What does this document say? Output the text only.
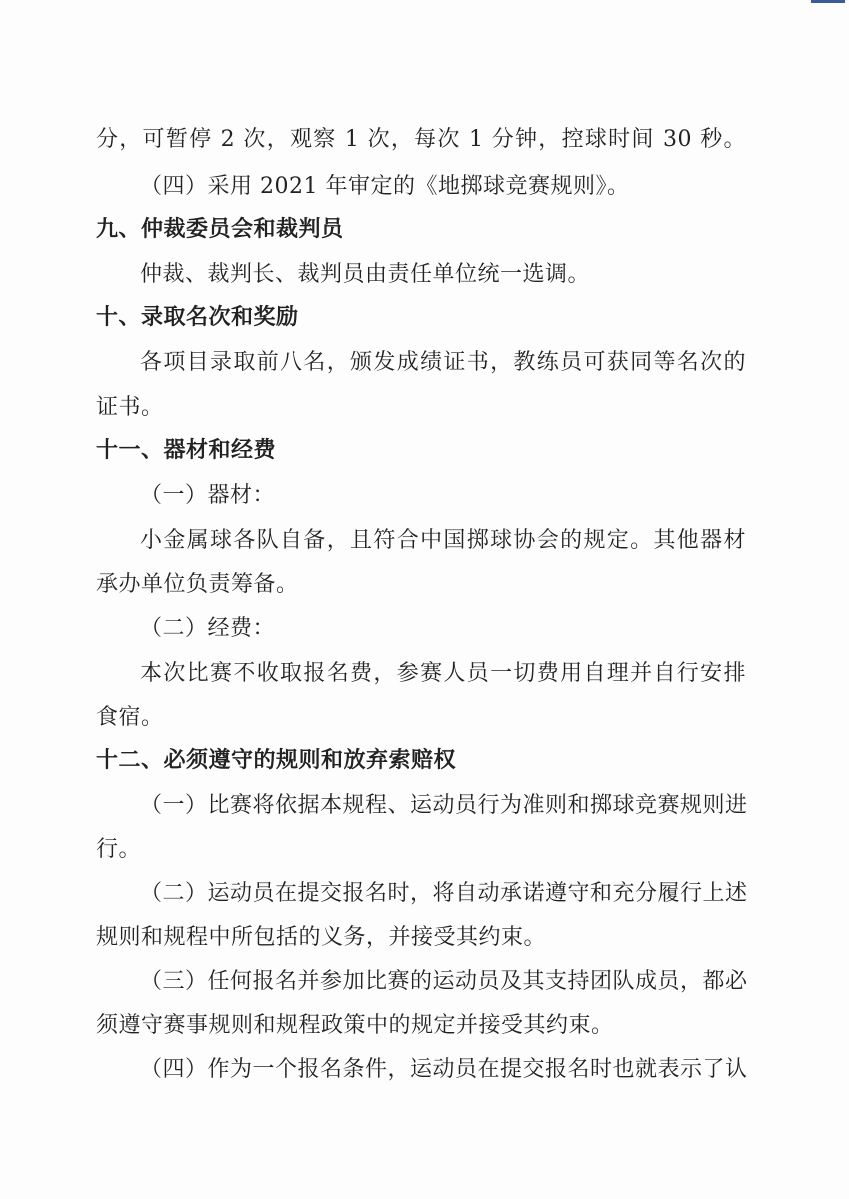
分，可暂停 2 次，观察 1 次，每次 1 分钟，控球时间 30 秒。
（四）采用 2021 年审定的《地掷球竞赛规则》。
九、仲裁委员会和裁判员
仲裁、裁判长、裁判员由责任单位统一选调。
十、录取名次和奖励
各项目录取前八名，颁发成绩证书，教练员可获同等名次的
证书。
十一、器材和经费
（一）器材：
小金属球各队自备，且符合中国掷球协会的规定。其他器材
承办单位负责筹备。
（二）经费：
本次比赛不收取报名费，参赛人员一切费用自理并自行安排
食宿。
十二、必须遵守的规则和放弃索赔权
（一）比赛将依据本规程、运动员行为准则和掷球竞赛规则进
行。
（二）运动员在提交报名时，将自动承诺遵守和充分履行上述
规则和规程中所包括的义务，并接受其约束。
（三）任何报名并参加比赛的运动员及其支持团队成员，都必
须遵守赛事规则和规程政策中的规定并接受其约束。
（四）作为一个报名条件，运动员在提交报名时也就表示了认
